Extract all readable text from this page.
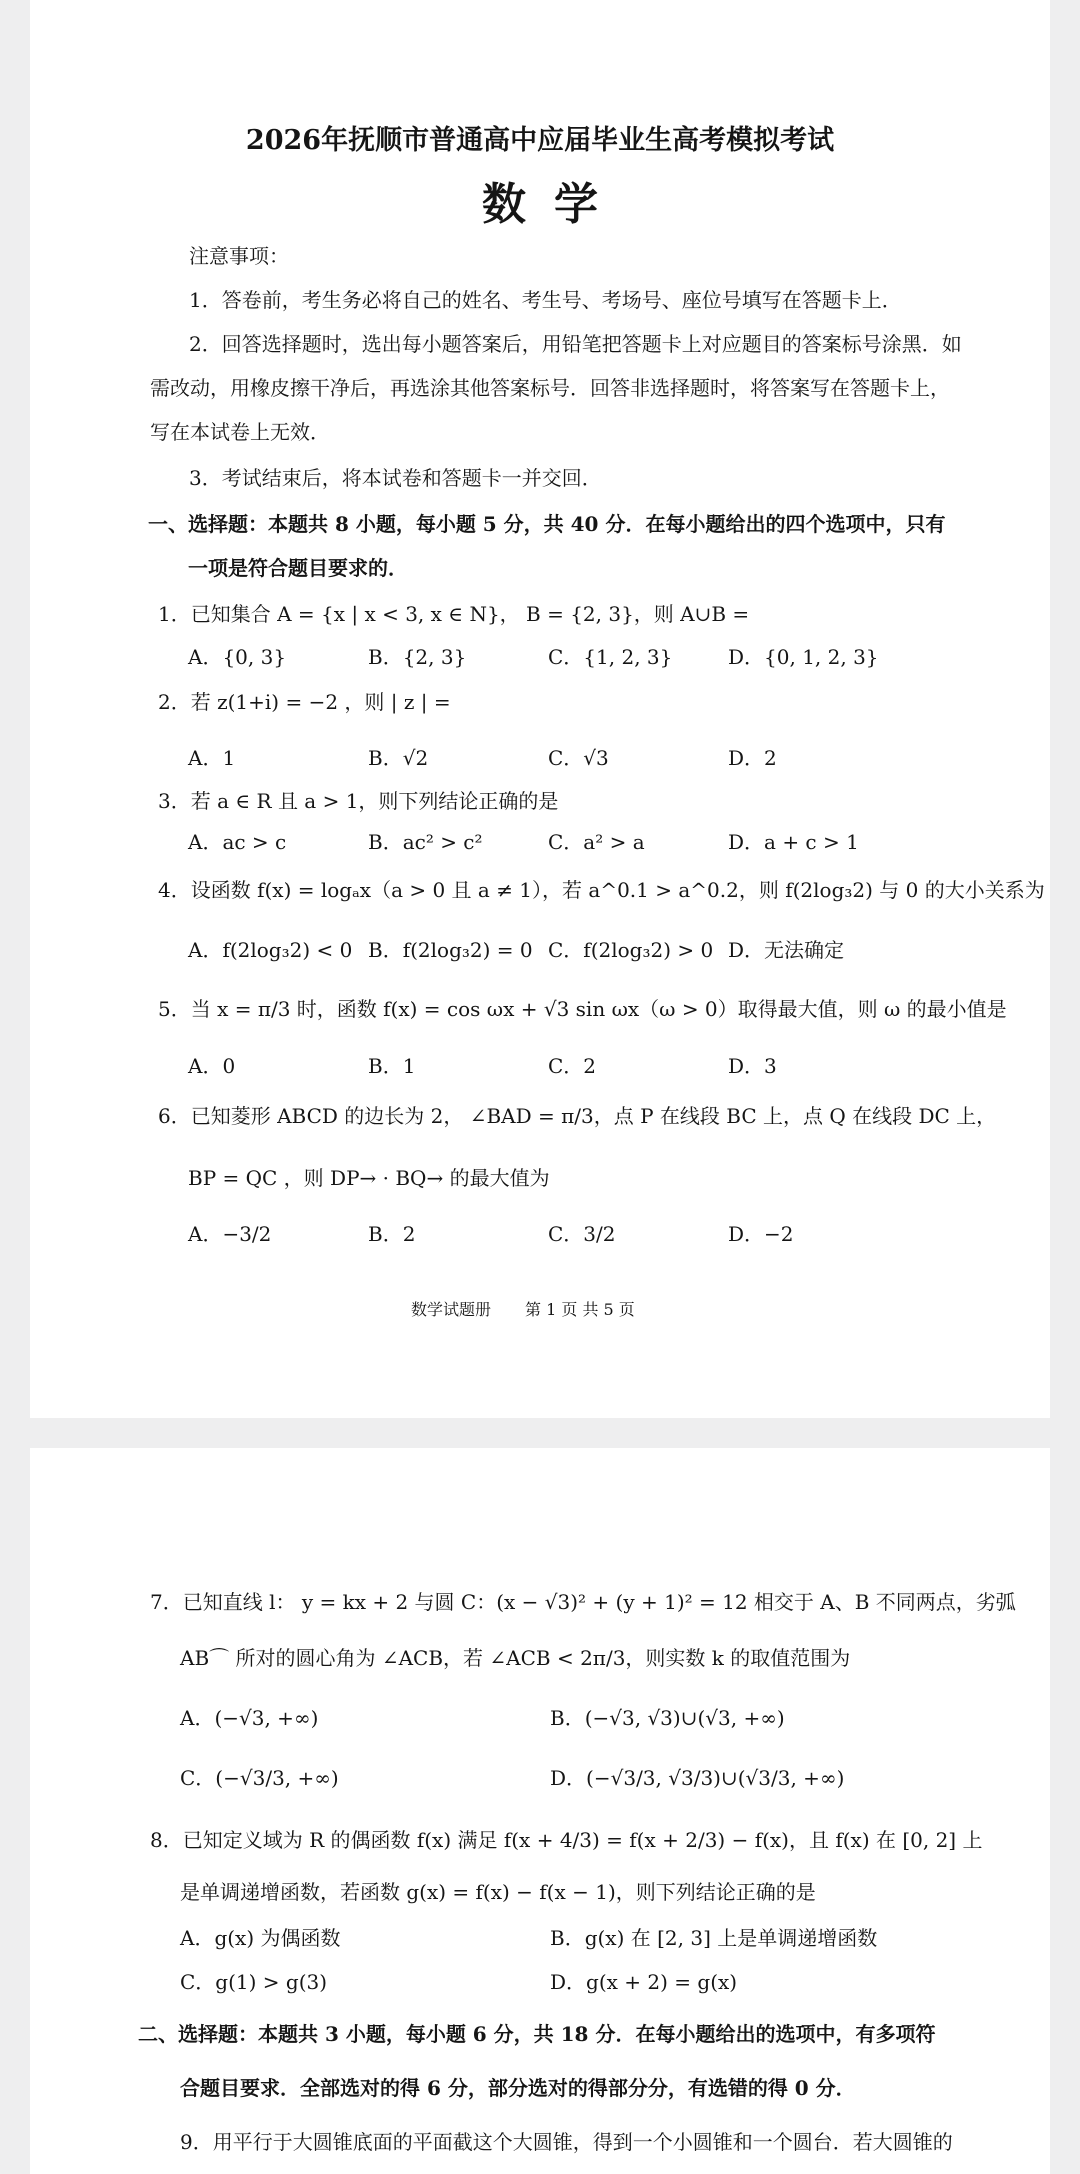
2026年抚顺市普通高中应届毕业生高考模拟考试
数学
注意事项：
1．答卷前，考生务必将自己的姓名、考生号、考场号、座位号填写在答题卡上．
2．回答选择题时，选出每小题答案后，用铅笔把答题卡上对应题目的答案标号涂黑．如
需改动，用橡皮擦干净后，再选涂其他答案标号．回答非选择题时，将答案写在答题卡上，
写在本试卷上无效．
3．考试结束后，将本试卷和答题卡一并交回．
一、选择题：本题共 8 小题，每小题 5 分，共 40 分．在每小题给出的四个选项中，只有
一项是符合题目要求的．
1．已知集合 A = {x | x < 3, x ∈ N}， B = {2, 3}，则 A∪B =
A．{0, 3}	B．{2, 3}	C．{1, 2, 3}	D．{0, 1, 2, 3}
2．若 z(1+i) = −2 ，则 | z | =
A．1	B．√2	C．√3	D．2
3．若 a ∈ R 且 a > 1，则下列结论正确的是
A．ac > c	B．ac² > c²	C．a² > a	D．a + c > 1
4．设函数 f(x) = logₐx（a > 0 且 a ≠ 1），若 a^0.1 > a^0.2，则 f(2log₃2) 与 0 的大小关系为
A．f(2log₃2) < 0 B．f(2log₃2) = 0 C．f(2log₃2) > 0 D．无法确定
5．当 x = π/3 时，函数 f(x) = cos ωx + √3 sin ωx（ω > 0）取得最大值，则 ω 的最小值是
A．0	B．1	C．2	D．3
6．已知菱形 ABCD 的边长为 2， ∠BAD = π/3，点 P 在线段 BC 上，点 Q 在线段 DC 上，
BP = QC ，则 DP→ · BQ→ 的最大值为
A．−3/2	B．2	C．3/2	D．−2
数学试题册 第 1 页 共 5 页
7．已知直线 l： y = kx + 2 与圆 C：(x − √3)² + (y + 1)² = 12 相交于 A、B 不同两点，劣弧
AB⌒ 所对的圆心角为 ∠ACB，若 ∠ACB < 2π/3，则实数 k 的取值范围为
A．(−√3, +∞)	B．(−√3, √3)∪(√3, +∞)
C．(−√3/3, +∞)	D．(−√3/3, √3/3)∪(√3/3, +∞)
8．已知定义域为 R 的偶函数 f(x) 满足 f(x + 4/3) = f(x + 2/3) − f(x)，且 f(x) 在 [0, 2] 上
是单调递增函数，若函数 g(x) = f(x) − f(x − 1)，则下列结论正确的是
A．g(x) 为偶函数	B．g(x) 在 [2, 3] 上是单调递增函数
C．g(1) > g(3)	D．g(x + 2) = g(x)
二、选择题：本题共 3 小题，每小题 6 分，共 18 分．在每小题给出的选项中，有多项符
合题目要求．全部选对的得 6 分，部分选对的得部分分，有选错的得 0 分．
9．用平行于大圆锥底面的平面截这个大圆锥，得到一个小圆锥和一个圆台．若大圆锥的
